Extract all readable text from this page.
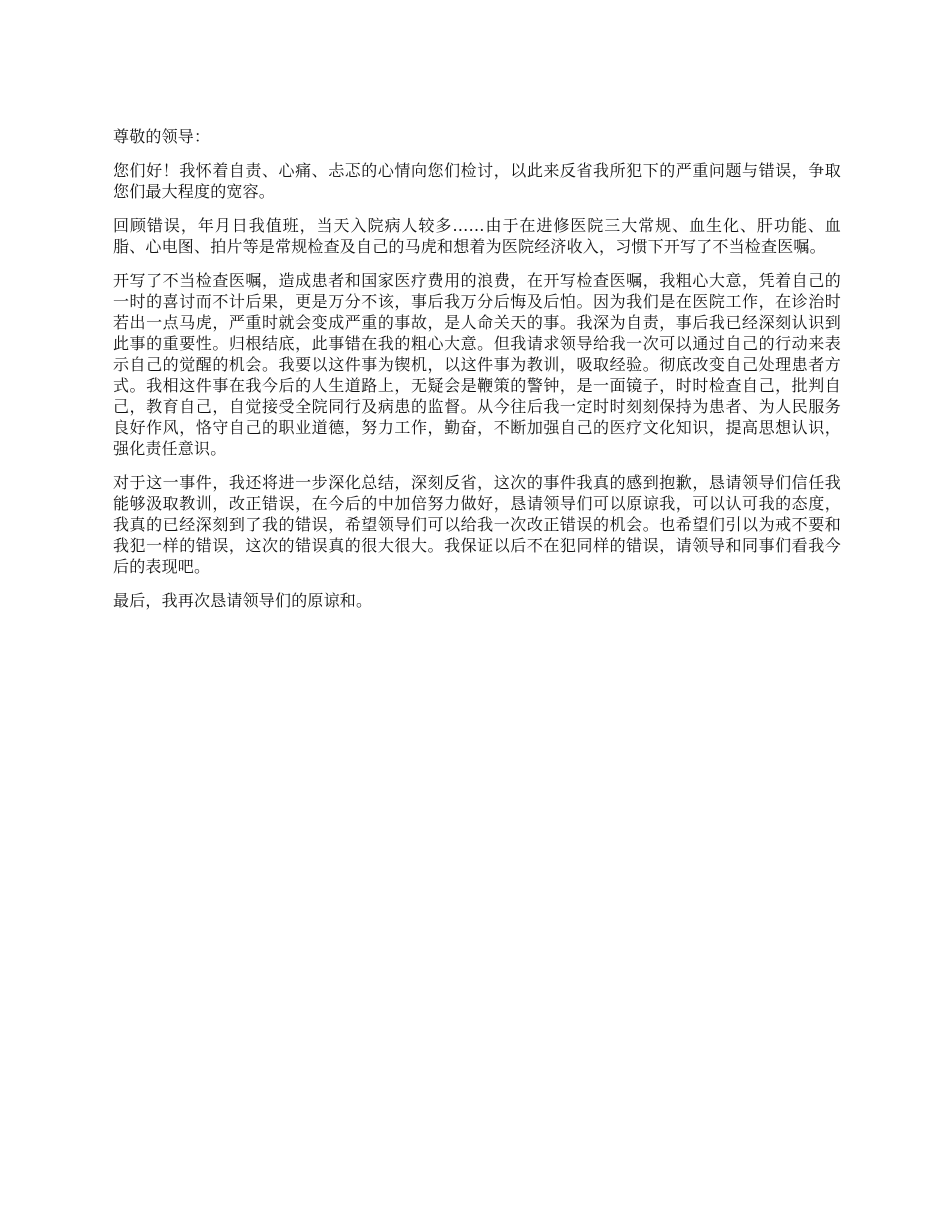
尊敬的领导：

您们好！我怀着自责、心痛、忐忑的心情向您们检讨，以此来反省我所犯下的严重问题与错误，争取您们最大程度的宽容。

回顾错误，年月日我值班，当天入院病人较多……由于在进修医院三大常规、血生化、肝功能、血脂、心电图、拍片等是常规检查及自己的马虎和想着为医院经济收入，习惯下开写了不当检查医嘱。

开写了不当检查医嘱，造成患者和国家医疗费用的浪费，在开写检查医嘱，我粗心大意，凭着自己的一时的喜讨而不计后果，更是万分不该，事后我万分后悔及后怕。因为我们是在医院工作，在诊治时若出一点马虎，严重时就会变成严重的事故，是人命关天的事。我深为自责，事后我已经深刻认识到此事的重要性。归根结底，此事错在我的粗心大意。但我请求领导给我一次可以通过自己的行动来表示自己的觉醒的机会。我要以这件事为锲机，以这件事为教训，吸取经验。彻底改变自己处理患者方式。我相这件事在我今后的人生道路上，无疑会是鞭策的警钟，是一面镜子，时时检查自己，批判自己，教育自己，自觉接受全院同行及病患的监督。从今往后我一定时时刻刻保持为患者、为人民服务良好作风，恪守自己的职业道德，努力工作，勤奋，不断加强自己的医疗文化知识，提高思想认识，强化责任意识。

对于这一事件，我还将进一步深化总结，深刻反省，这次的事件我真的感到抱歉，恳请领导们信任我能够汲取教训，改正错误，在今后的中加倍努力做好，恳请领导们可以原谅我，可以认可我的态度，我真的已经深刻到了我的错误，希望领导们可以给我一次改正错误的机会。也希望们引以为戒不要和我犯一样的错误，这次的错误真的很大很大。我保证以后不在犯同样的错误，请领导和同事们看我今后的表现吧。

最后，我再次恳请领导们的原谅和。
